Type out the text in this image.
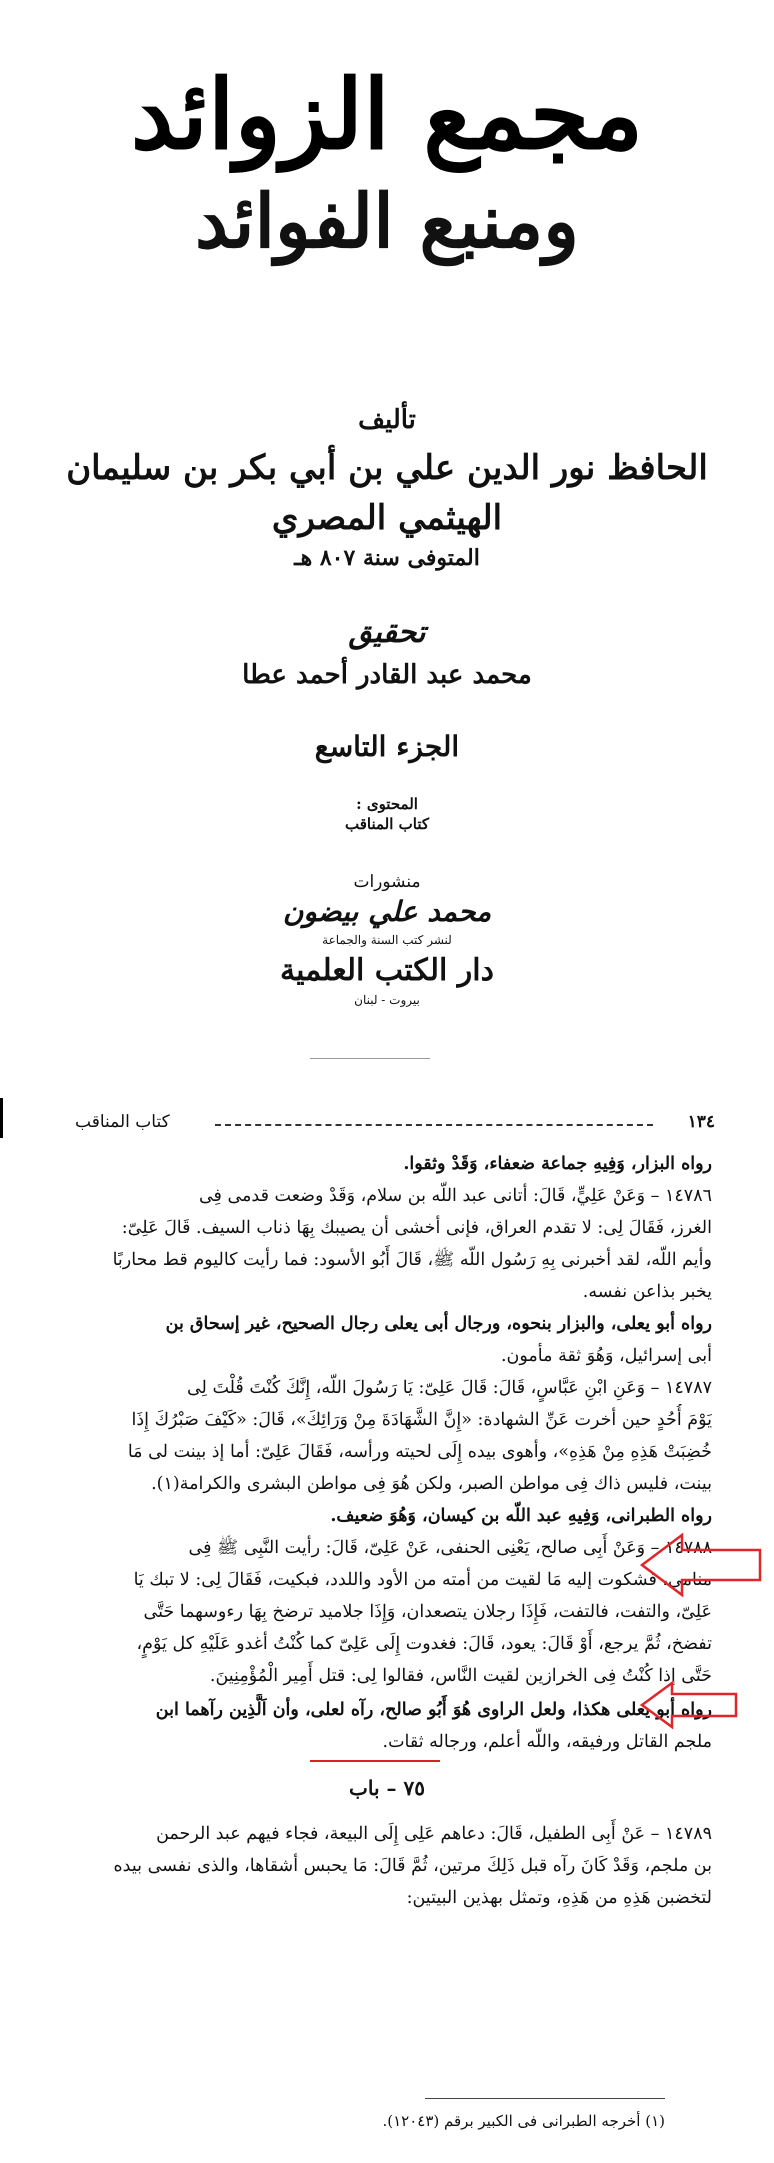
مجمع الزوائد
ومنبع الفوائد
تأليف
الحافظ نور الدين علي بن أبي بكر بن سليمان
الهيثمي المصري
المتوفى سنة ٨٠٧ هـ
تحقيق
محمد عبد القادر أحمد عطا
الجزء التاسع
المحتوى :
كتاب المناقب
منشورات
محمد علي بيضون
لنشر كتب السنة والجماعة
دار الكتب العلمية
بيروت - لبنان
١٣٤
كتاب المناقب
رواه البزار، وَفِيهِ جماعة ضعفاء، وَقَدْ وثقوا.
١٤٧٨٦ – وَعَنْ عَلِيٍّ، قَالَ: أتانى عبد اللّه بن سلام، وَقَدْ وضعت قدمى فِى
الغرز، فَقَالَ لِى: لا تقدم العراق، فإنى أخشى أن يصيبك بِهَا ذناب السيف. قَالَ عَلِىّ:
وأيم اللّه، لقد أخبرنى بِهِ رَسُول اللّه ﷺ، قَالَ أَبُو الأسود: فما رأيت كاليوم قط محاربًا
يخبر بذاعن نفسه.
رواه أبو يعلى، والبزار بنحوه، ورجال أبى يعلى رجال الصحيح، غير إسحاق بن
أبى إسرائيل، وَهُوَ ثقة مأمون.
١٤٧٨٧ – وَعَنِ ابْنِ عَبَّاسٍ، قَالَ: قَالَ عَلِىّ: يَا رَسُولَ اللّه، إِنَّكَ كُنْتَ قُلْتَ لِى
يَوْمَ أُحُدٍ حين أخرت عَنِّ الشهادة: «إِنَّ الشَّهَادَةَ مِنْ وَرَائِكَ»، قَالَ: «كَيْفَ صَبْرُكَ إِذَا
خُضِبَتْ هَذِهِ مِنْ هَذِهِ»، وأهوى بيده إِلَى لحيته ورأسه، فَقَالَ عَلِىّ: أما إذ بينت لى مَا
بينت، فليس ذاك فِى مواطن الصبر، ولكن هُوَ فِى مواطن البشرى والكرامة(١).
رواه الطبرانى، وَفِيهِ عبد اللّه بن كيسان، وَهُوَ ضعيف.
١٤٧٨٨ – وَعَنْ أَبِى صالح، يَعْنِى الحنفى، عَنْ عَلِىّ، قَالَ: رأيت النَّبِى ﷺ فِى
منامى، فشكوت إليه مَا لقيت من أمته من الأود واللدد، فبكيت، فَقَالَ لِى: لا تبك يَا
عَلِىّ، والتفت، فالتفت، فَإِذَا رجلان يتصعدان، وَإِذَا جلاميد ترضخ بِهَا رءوسهما حَتَّى
تفضخ، ثُمَّ يرجع، أَوْ قَالَ: يعود، قَالَ: فغدوت إِلَى عَلِىّ كما كُنْتُ أغدو عَلَيْهِ كل يَوْمٍ،
حَتَّى إذا كُنْتُ فِى الخرازين لقيت النَّاس، فقالوا لِى: قتل أَمِير الْمُؤْمِنِينَ.
رواه أبو يعلى هكذا، ولعل الراوى هُوَ أَبُو صالح، رآه لعلى، وأن اَلَّذِين رآهما ابن
ملجم القاتل ورفيقه، واللّه أعلم، ورجاله ثقات.
٧٥ – باب
١٤٧٨٩ – عَنْ أَبِى الطفيل، قَالَ: دعاهم عَلِى إِلَى البيعة، فجاء فيهم عبد الرحمن
بن ملجم، وَقَدْ كَانَ رآه قبل ذَلِكَ مرتين، ثُمَّ قَالَ: مَا يحبس أشقاها، والذى نفسى بيده
لتخضبن هَذِهِ من هَذِهِ، وتمثل بهذين البيتين:
(١) أخرجه الطبرانى فى الكبير برقم (١٢٠٤٣).
